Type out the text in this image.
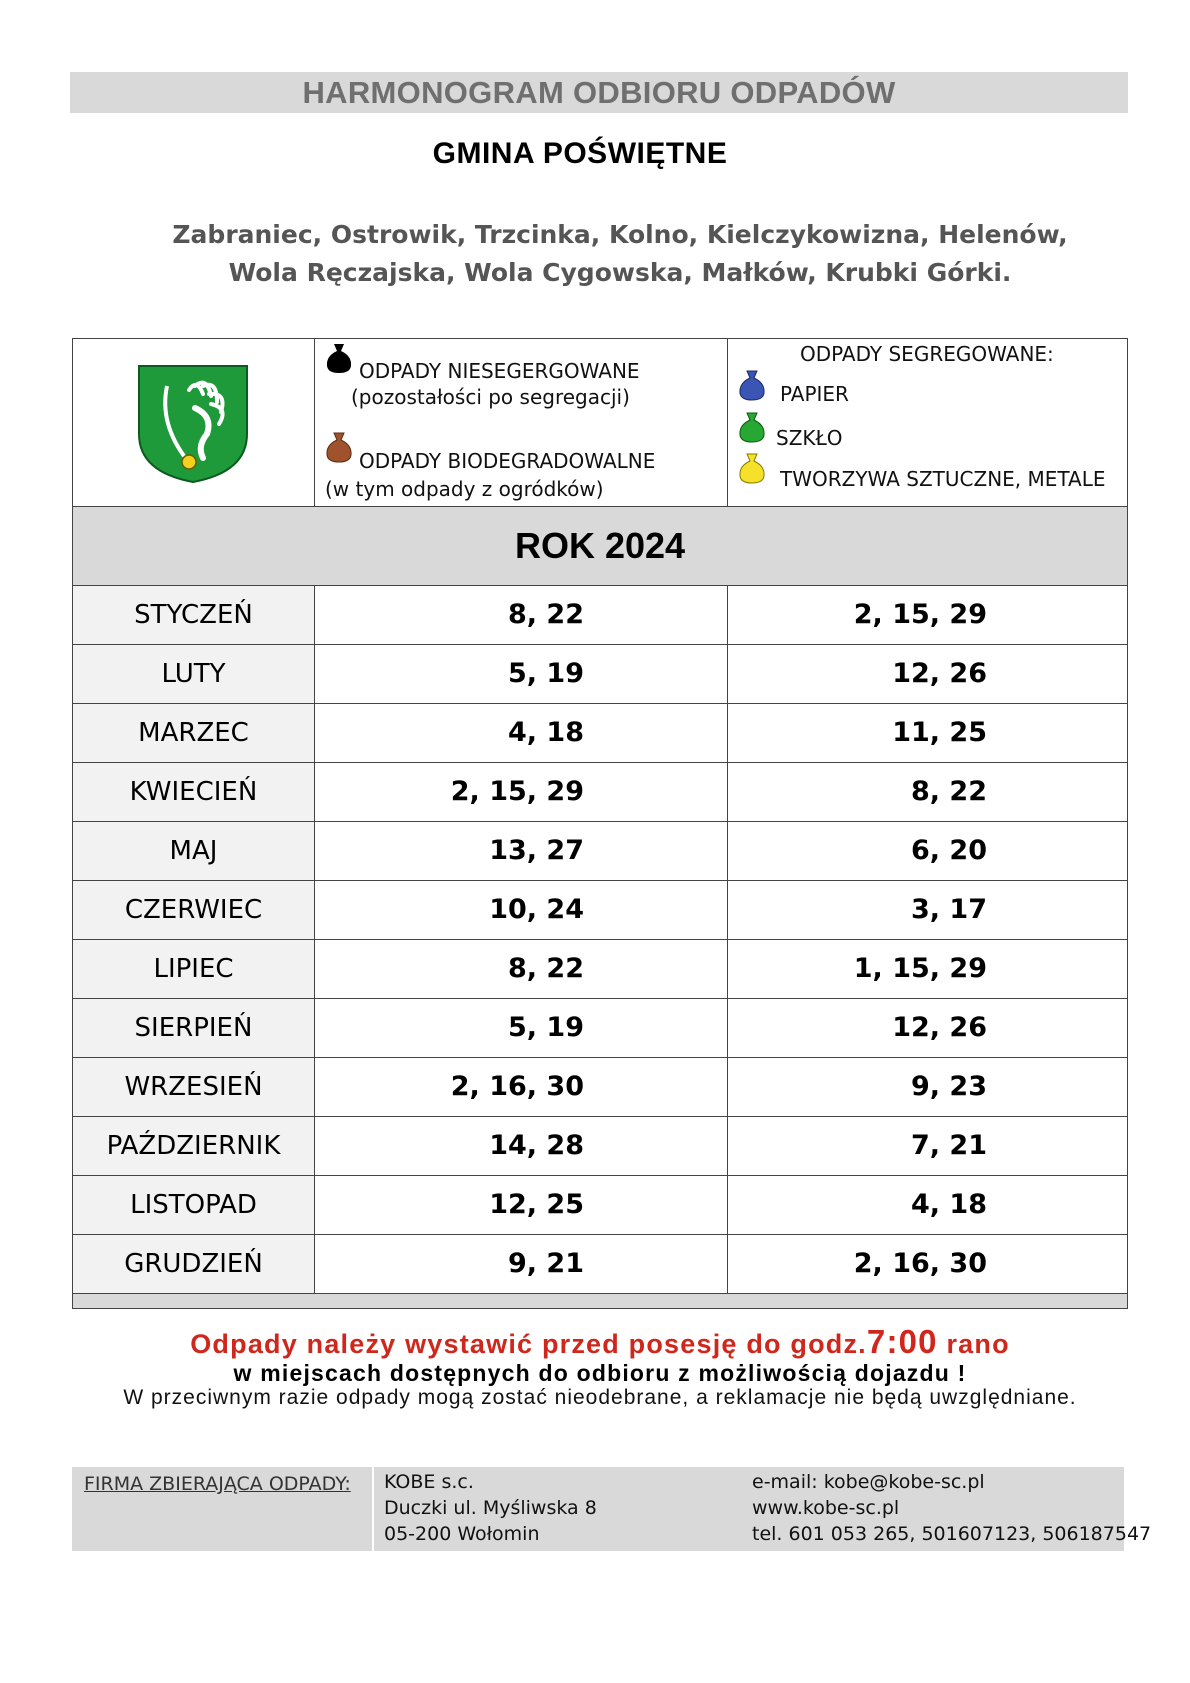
HARMONOGRAM ODBIORU ODPADÓW
GMINA POŚWIĘTNE
Zabraniec, Ostrowik, Trzcinka, Kolno, Kielczykowizna, Helenów,
Wola Ręczajska, Wola Cygowska, Małków, Krubki Górki.
ODPADY NIESEGERGOWANE
(pozostałości po segregacji)
ODPADY BIODEGRADOWALNE
(w tym odpady z ogródków)
ODPADY SEGREGOWANE:
PAPIER
SZKŁO
TWORZYWA SZTUCZNE, METALE
ROK 2024
STYCZEŃ	8, 22	2, 15, 29
LUTY	5, 19	12, 26
MARZEC	4, 18	11, 25
KWIECIEŃ	2, 15, 29	8, 22
MAJ	13, 27	6, 20
CZERWIEC	10, 24	3, 17
LIPIEC	8, 22	1, 15, 29
SIERPIEŃ	5, 19	12, 26
WRZESIEŃ	2, 16, 30	9, 23
PAŹDZIERNIK	14, 28	7, 21
LISTOPAD	12, 25	4, 18
GRUDZIEŃ	9, 21	2, 16, 30
Odpady należy wystawić przed posesję do godz.7:00 rano
w miejscach dostępnych do odbioru z możliwością dojazdu !
W przeciwnym razie odpady mogą zostać nieodebrane, a reklamacje nie będą uwzględniane.
FIRMA ZBIERAJĄCA ODPADY: KOBE s.c.
Duczki ul. Myśliwska 8
05-200 Wołomin
e-mail: kobe@kobe-sc.pl
www.kobe-sc.pl
tel. 601 053 265, 501607123, 506187547
